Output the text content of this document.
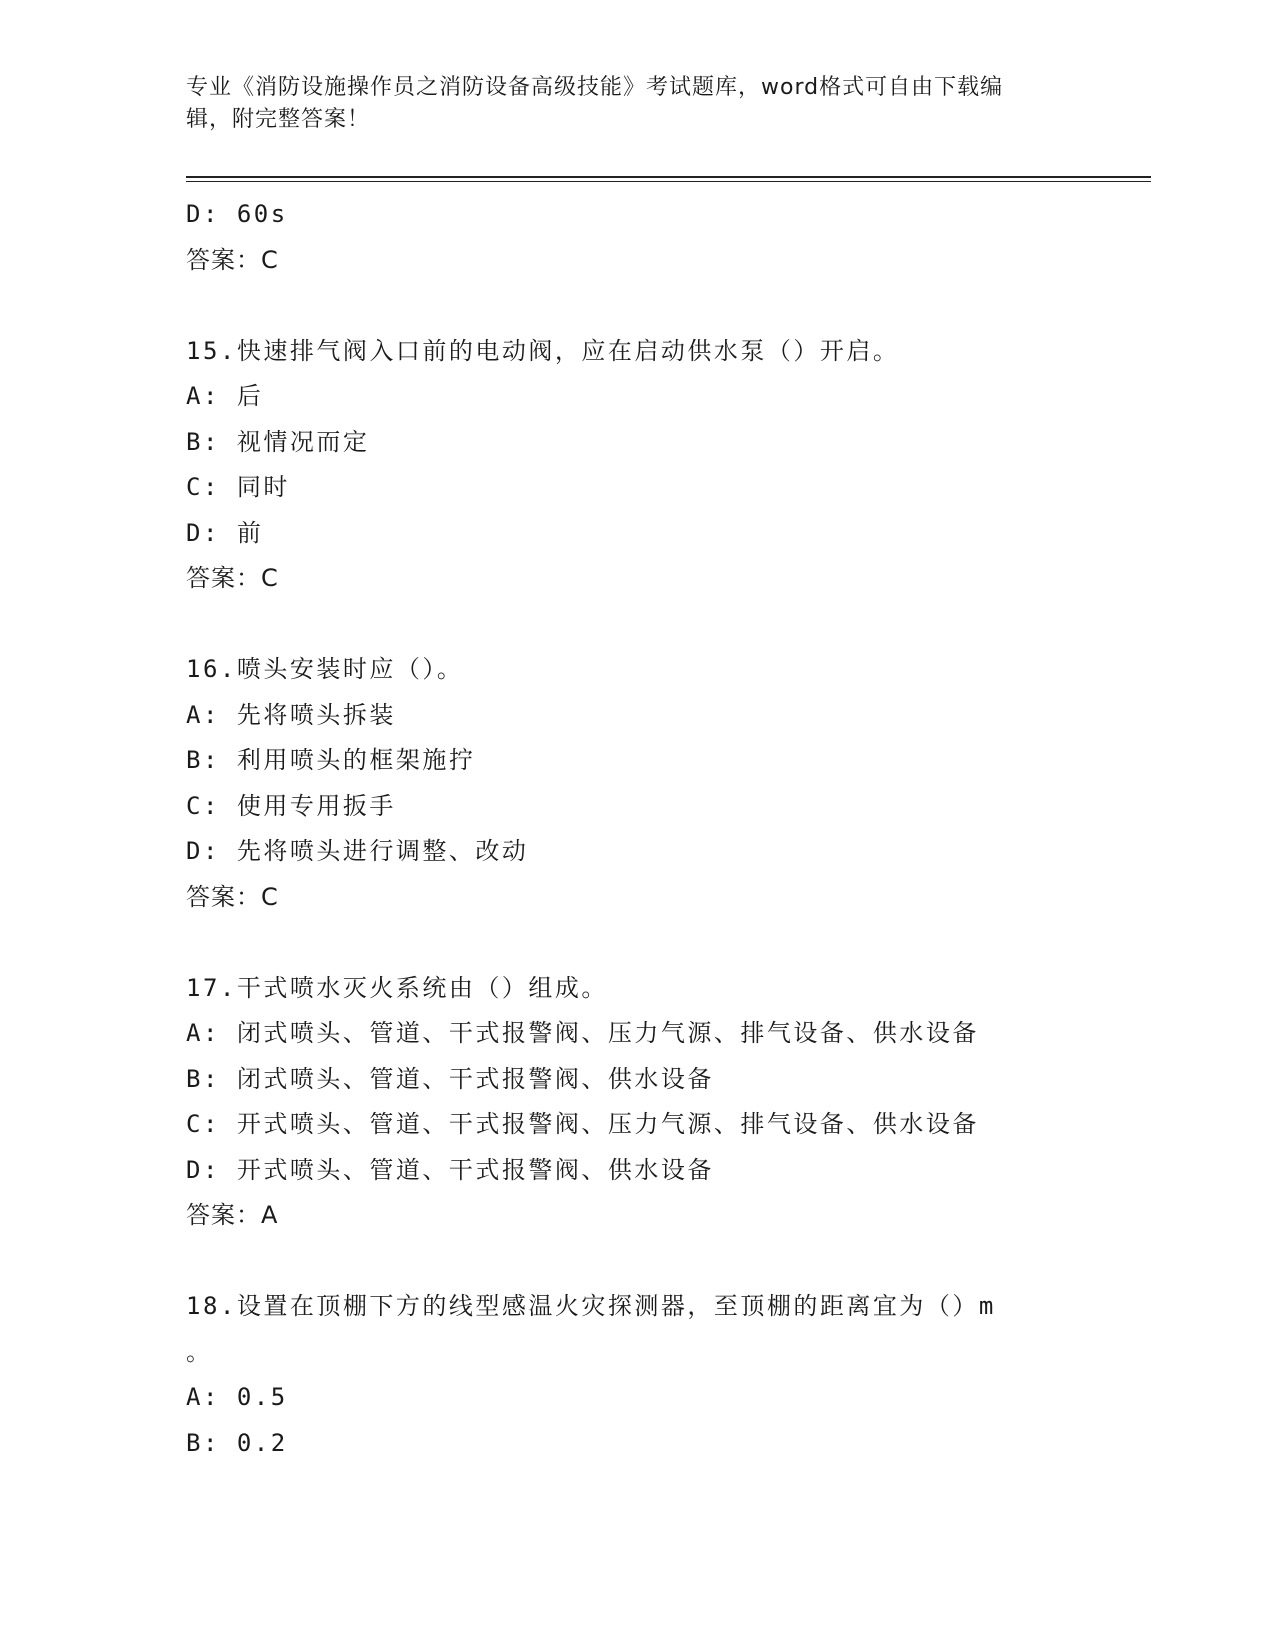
专业《消防设施操作员之消防设备高级技能》考试题库，word格式可自由下载编
辑，附完整答案！
D: 60s
答案：C
15.快速排气阀入口前的电动阀，应在启动供水泵（）开启。
A: 后
B: 视情况而定
C: 同时
D: 前
答案：C
16.喷头安装时应（）。
A: 先将喷头拆装
B: 利用喷头的框架施拧
C: 使用专用扳手
D: 先将喷头进行调整、改动
答案：C
17.干式喷水灭火系统由（）组成。
A: 闭式喷头、管道、干式报警阀、压力气源、排气设备、供水设备
B: 闭式喷头、管道、干式报警阀、供水设备
C: 开式喷头、管道、干式报警阀、压力气源、排气设备、供水设备
D: 开式喷头、管道、干式报警阀、供水设备
答案：A
18.设置在顶棚下方的线型感温火灾探测器，至顶棚的距离宜为（）m
。
A: 0.5
B: 0.2
